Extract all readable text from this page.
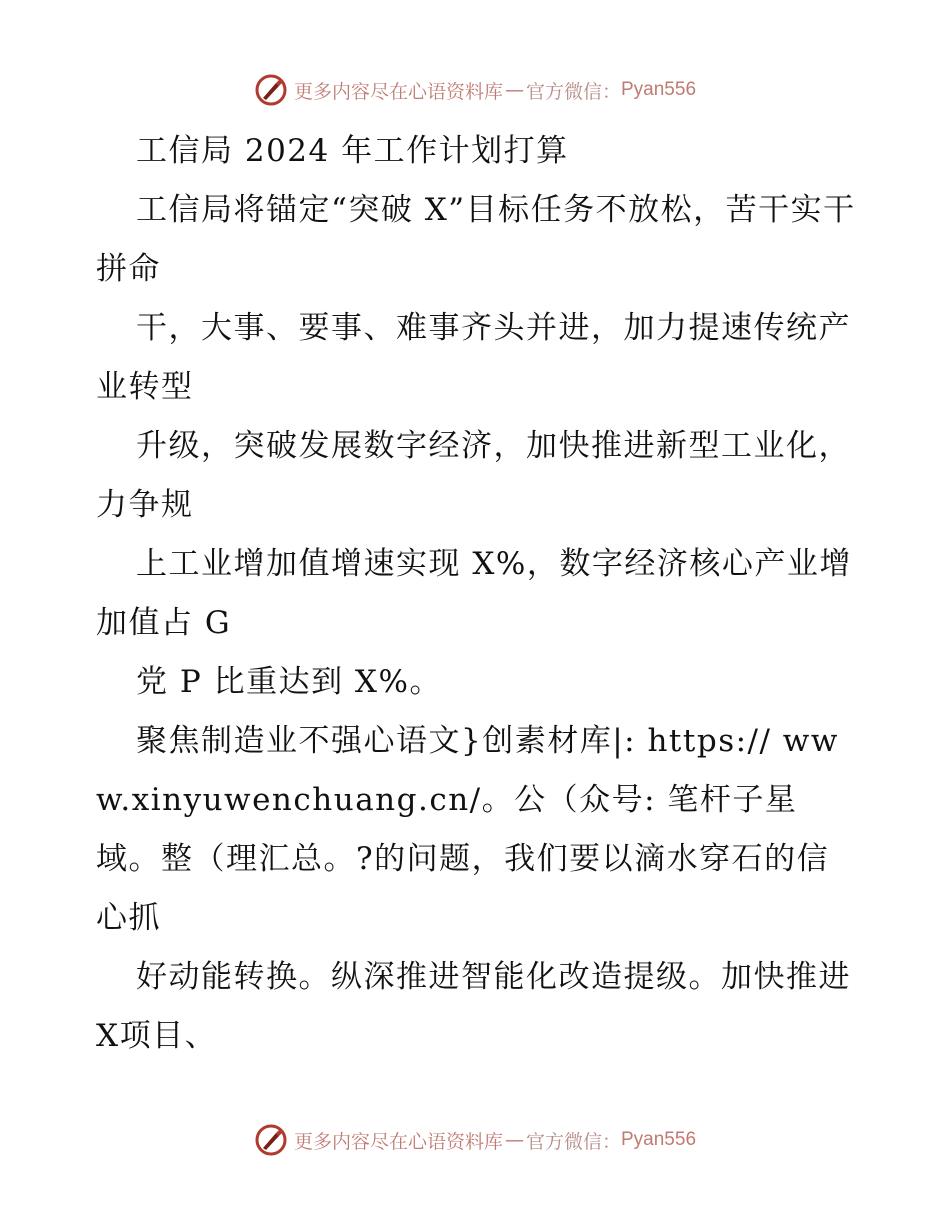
更多内容尽在心语资料库 — 官方微信： Pyan556

工信局 2024 年工作计划打算

工信局将锚定“突破 X”目标任务不放松，苦干实干拼命

干，大事、要事、难事齐头并进，加力提速传统产业转型

升级，突破发展数字经济，加快推进新型工业化，力争规

上工业增加值增速实现 X%，数字经济核心产业增加值占 G

党 P 比重达到 X%。

聚焦制造业不强心语文}创素材库|: https:// www.xinyuwenchuang.cn/。公（众号: 笔杆子星域。整（理汇总。?的问题，我们要以滴水穿石的信心抓

好动能转换。纵深推进智能化改造提级。加快推进 X项目、

更多内容尽在心语资料库 — 官方微信： Pyan556
